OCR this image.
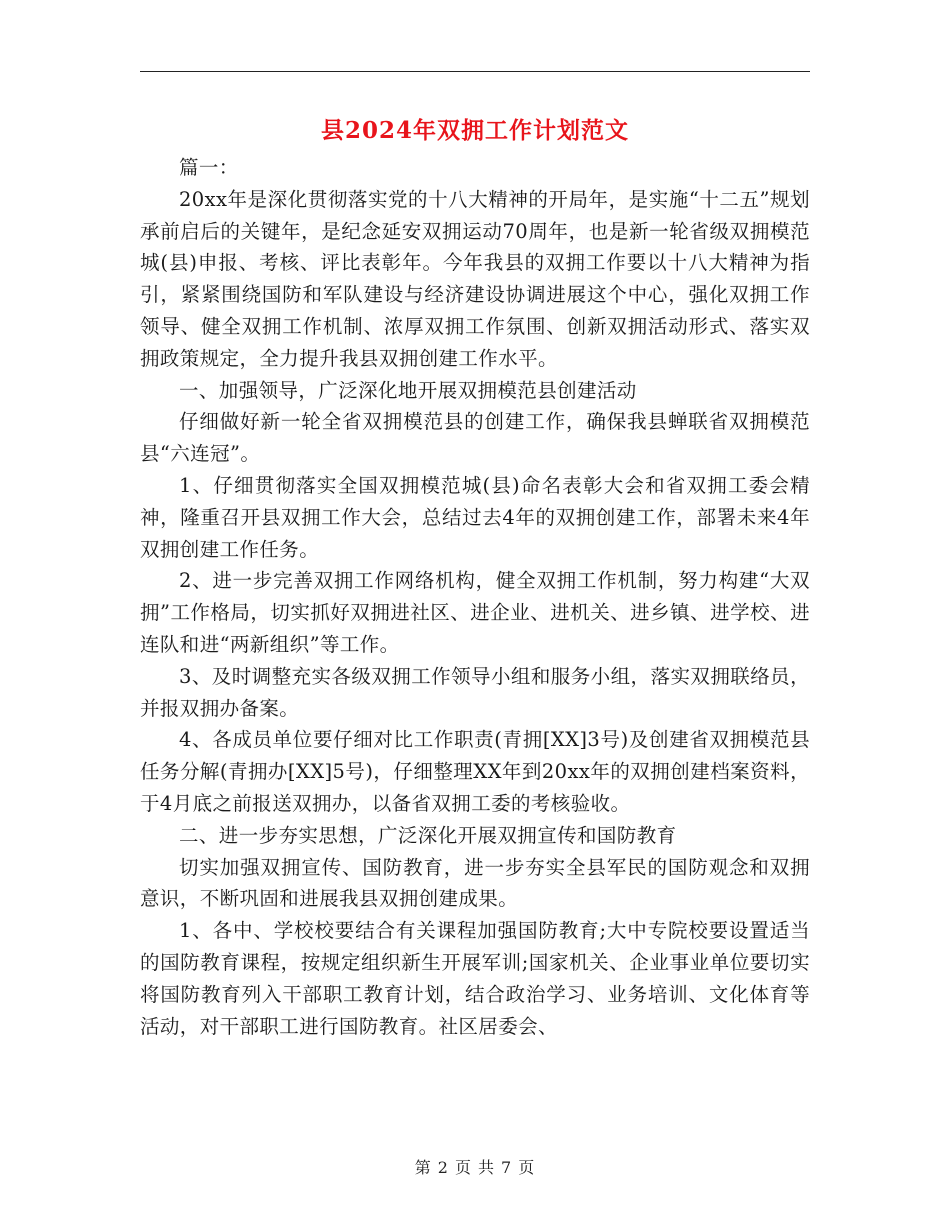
县2024年双拥工作计划范文

篇一：

20xx年是深化贯彻落实党的十八大精神的开局年，是实施“十二五”规划承前启后的关键年，是纪念延安双拥运动70周年，也是新一轮省级双拥模范城(县)申报、考核、评比表彰年。今年我县的双拥工作要以十八大精神为指引，紧紧围绕国防和军队建设与经济建设协调进展这个中心，强化双拥工作领导、健全双拥工作机制、浓厚双拥工作氛围、创新双拥活动形式、落实双拥政策规定，全力提升我县双拥创建工作水平。

一、加强领导，广泛深化地开展双拥模范县创建活动

仔细做好新一轮全省双拥模范县的创建工作，确保我县蝉联省双拥模范县“六连冠”。

1、仔细贯彻落实全国双拥模范城(县)命名表彰大会和省双拥工委会精神，隆重召开县双拥工作大会，总结过去4年的双拥创建工作，部署未来4年双拥创建工作任务。

2、进一步完善双拥工作网络机构，健全双拥工作机制，努力构建“大双拥”工作格局，切实抓好双拥进社区、进企业、进机关、进乡镇、进学校、进连队和进“两新组织”等工作。

3、及时调整充实各级双拥工作领导小组和服务小组，落实双拥联络员，并报双拥办备案。

4、各成员单位要仔细对比工作职责(青拥[XX]3号)及创建省双拥模范县任务分解(青拥办[XX]5号)，仔细整理XX年到20xx年的双拥创建档案资料，于4月底之前报送双拥办，以备省双拥工委的考核验收。

二、进一步夯实思想，广泛深化开展双拥宣传和国防教育

切实加强双拥宣传、国防教育，进一步夯实全县军民的国防观念和双拥意识，不断巩固和进展我县双拥创建成果。

1、各中、学校校要结合有关课程加强国防教育;大中专院校要设置适当的国防教育课程，按规定组织新生开展军训;国家机关、企业事业单位要切实将国防教育列入干部职工教育计划，结合政治学习、业务培训、文化体育等活动，对干部职工进行国防教育。社区居委会、

第 2 页 共 7 页
